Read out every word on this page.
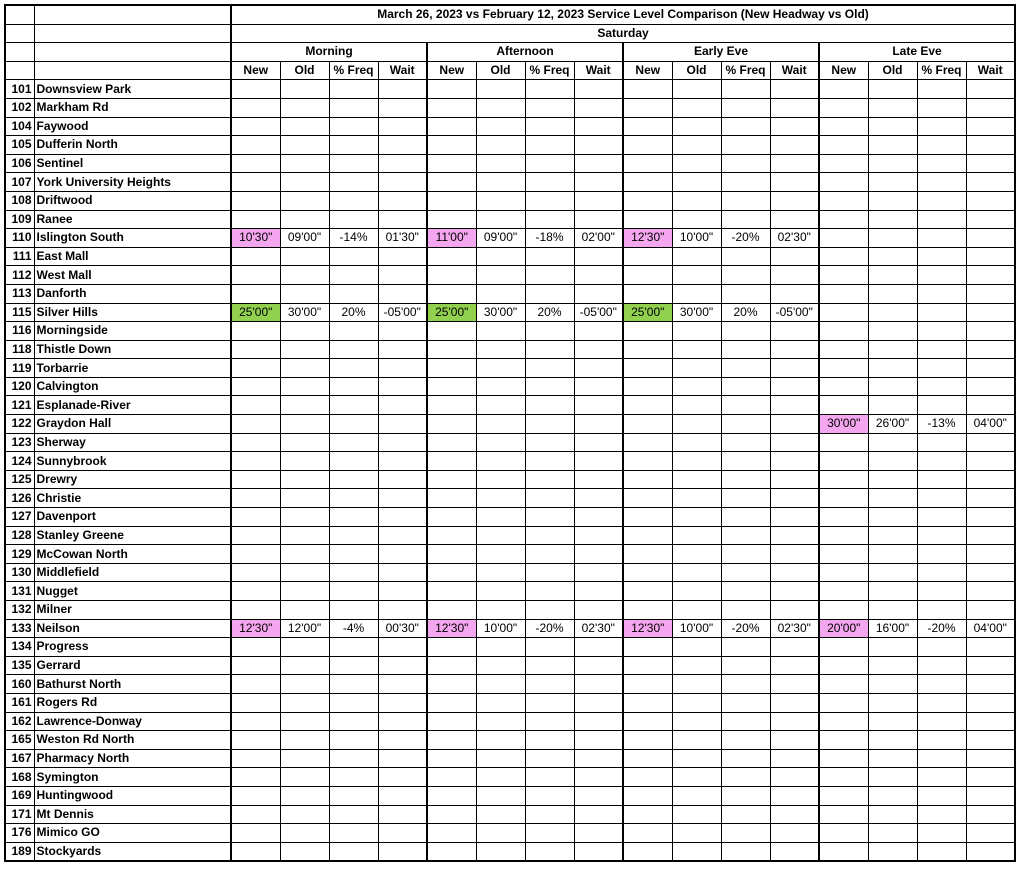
		March 26, 2023 vs February 12, 2023 Service Level Comparison (New Headway vs Old)															
		Saturday															
		Morning				Afternoon				Early Eve				Late Eve			
		New	Old	% Freq	Wait	New	Old	% Freq	Wait	New	Old	% Freq	Wait	New	Old	% Freq	Wait
101	Downsview Park																
102	Markham Rd																
104	Faywood																
105	Dufferin North																
106	Sentinel																
107	York University Heights																
108	Driftwood																
109	Ranee																
110	Islington South	10'30"	09'00"	-14%	01'30"	11'00"	09'00"	-18%	02'00"	12'30"	10'00"	-20%	02'30"				
111	East Mall																
112	West Mall																
113	Danforth																
115	Silver Hills	25'00"	30'00"	20%	-05'00"	25'00"	30'00"	20%	-05'00"	25'00"	30'00"	20%	-05'00"				
116	Morningside																
118	Thistle Down																
119	Torbarrie																
120	Calvington																
121	Esplanade-River																
122	Graydon Hall													30'00"	26'00"	-13%	04'00"
123	Sherway																
124	Sunnybrook																
125	Drewry																
126	Christie																
127	Davenport																
128	Stanley Greene																
129	McCowan North																
130	Middlefield																
131	Nugget																
132	Milner																
133	Neilson	12'30"	12'00"	-4%	00'30"	12'30"	10'00"	-20%	02'30"	12'30"	10'00"	-20%	02'30"	20'00"	16'00"	-20%	04'00"
134	Progress																
135	Gerrard																
160	Bathurst North																
161	Rogers Rd																
162	Lawrence-Donway																
165	Weston Rd North																
167	Pharmacy North																
168	Symington																
169	Huntingwood																
171	Mt Dennis																
176	Mimico GO																
189	Stockyards																
